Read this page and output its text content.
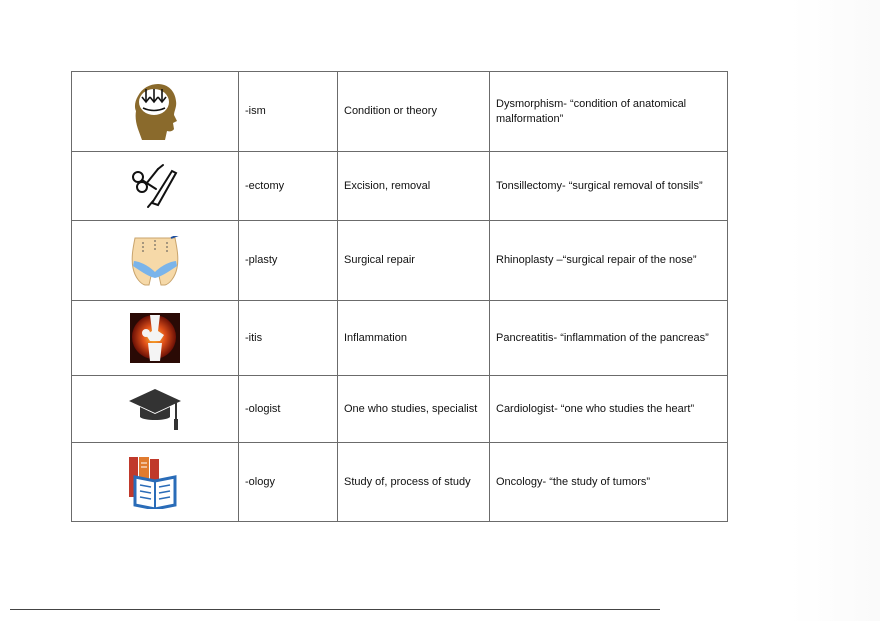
	-ism	Condition or theory	Dysmorphism- “condition of anatomical malformation”

	-ectomy	Excision, removal	Tonsillectomy- “surgical removal of tonsils”

	-plasty	Surgical repair	Rhinoplasty –“surgical repair of the nose”

	-itis	Inflammation	Pancreatitis- “inflammation of the pancreas”

	-ologist	One who studies, specialist	Cardiologist- “one who studies the heart”

	-ology	Study of, process of study	Oncology- “the study of tumors”
